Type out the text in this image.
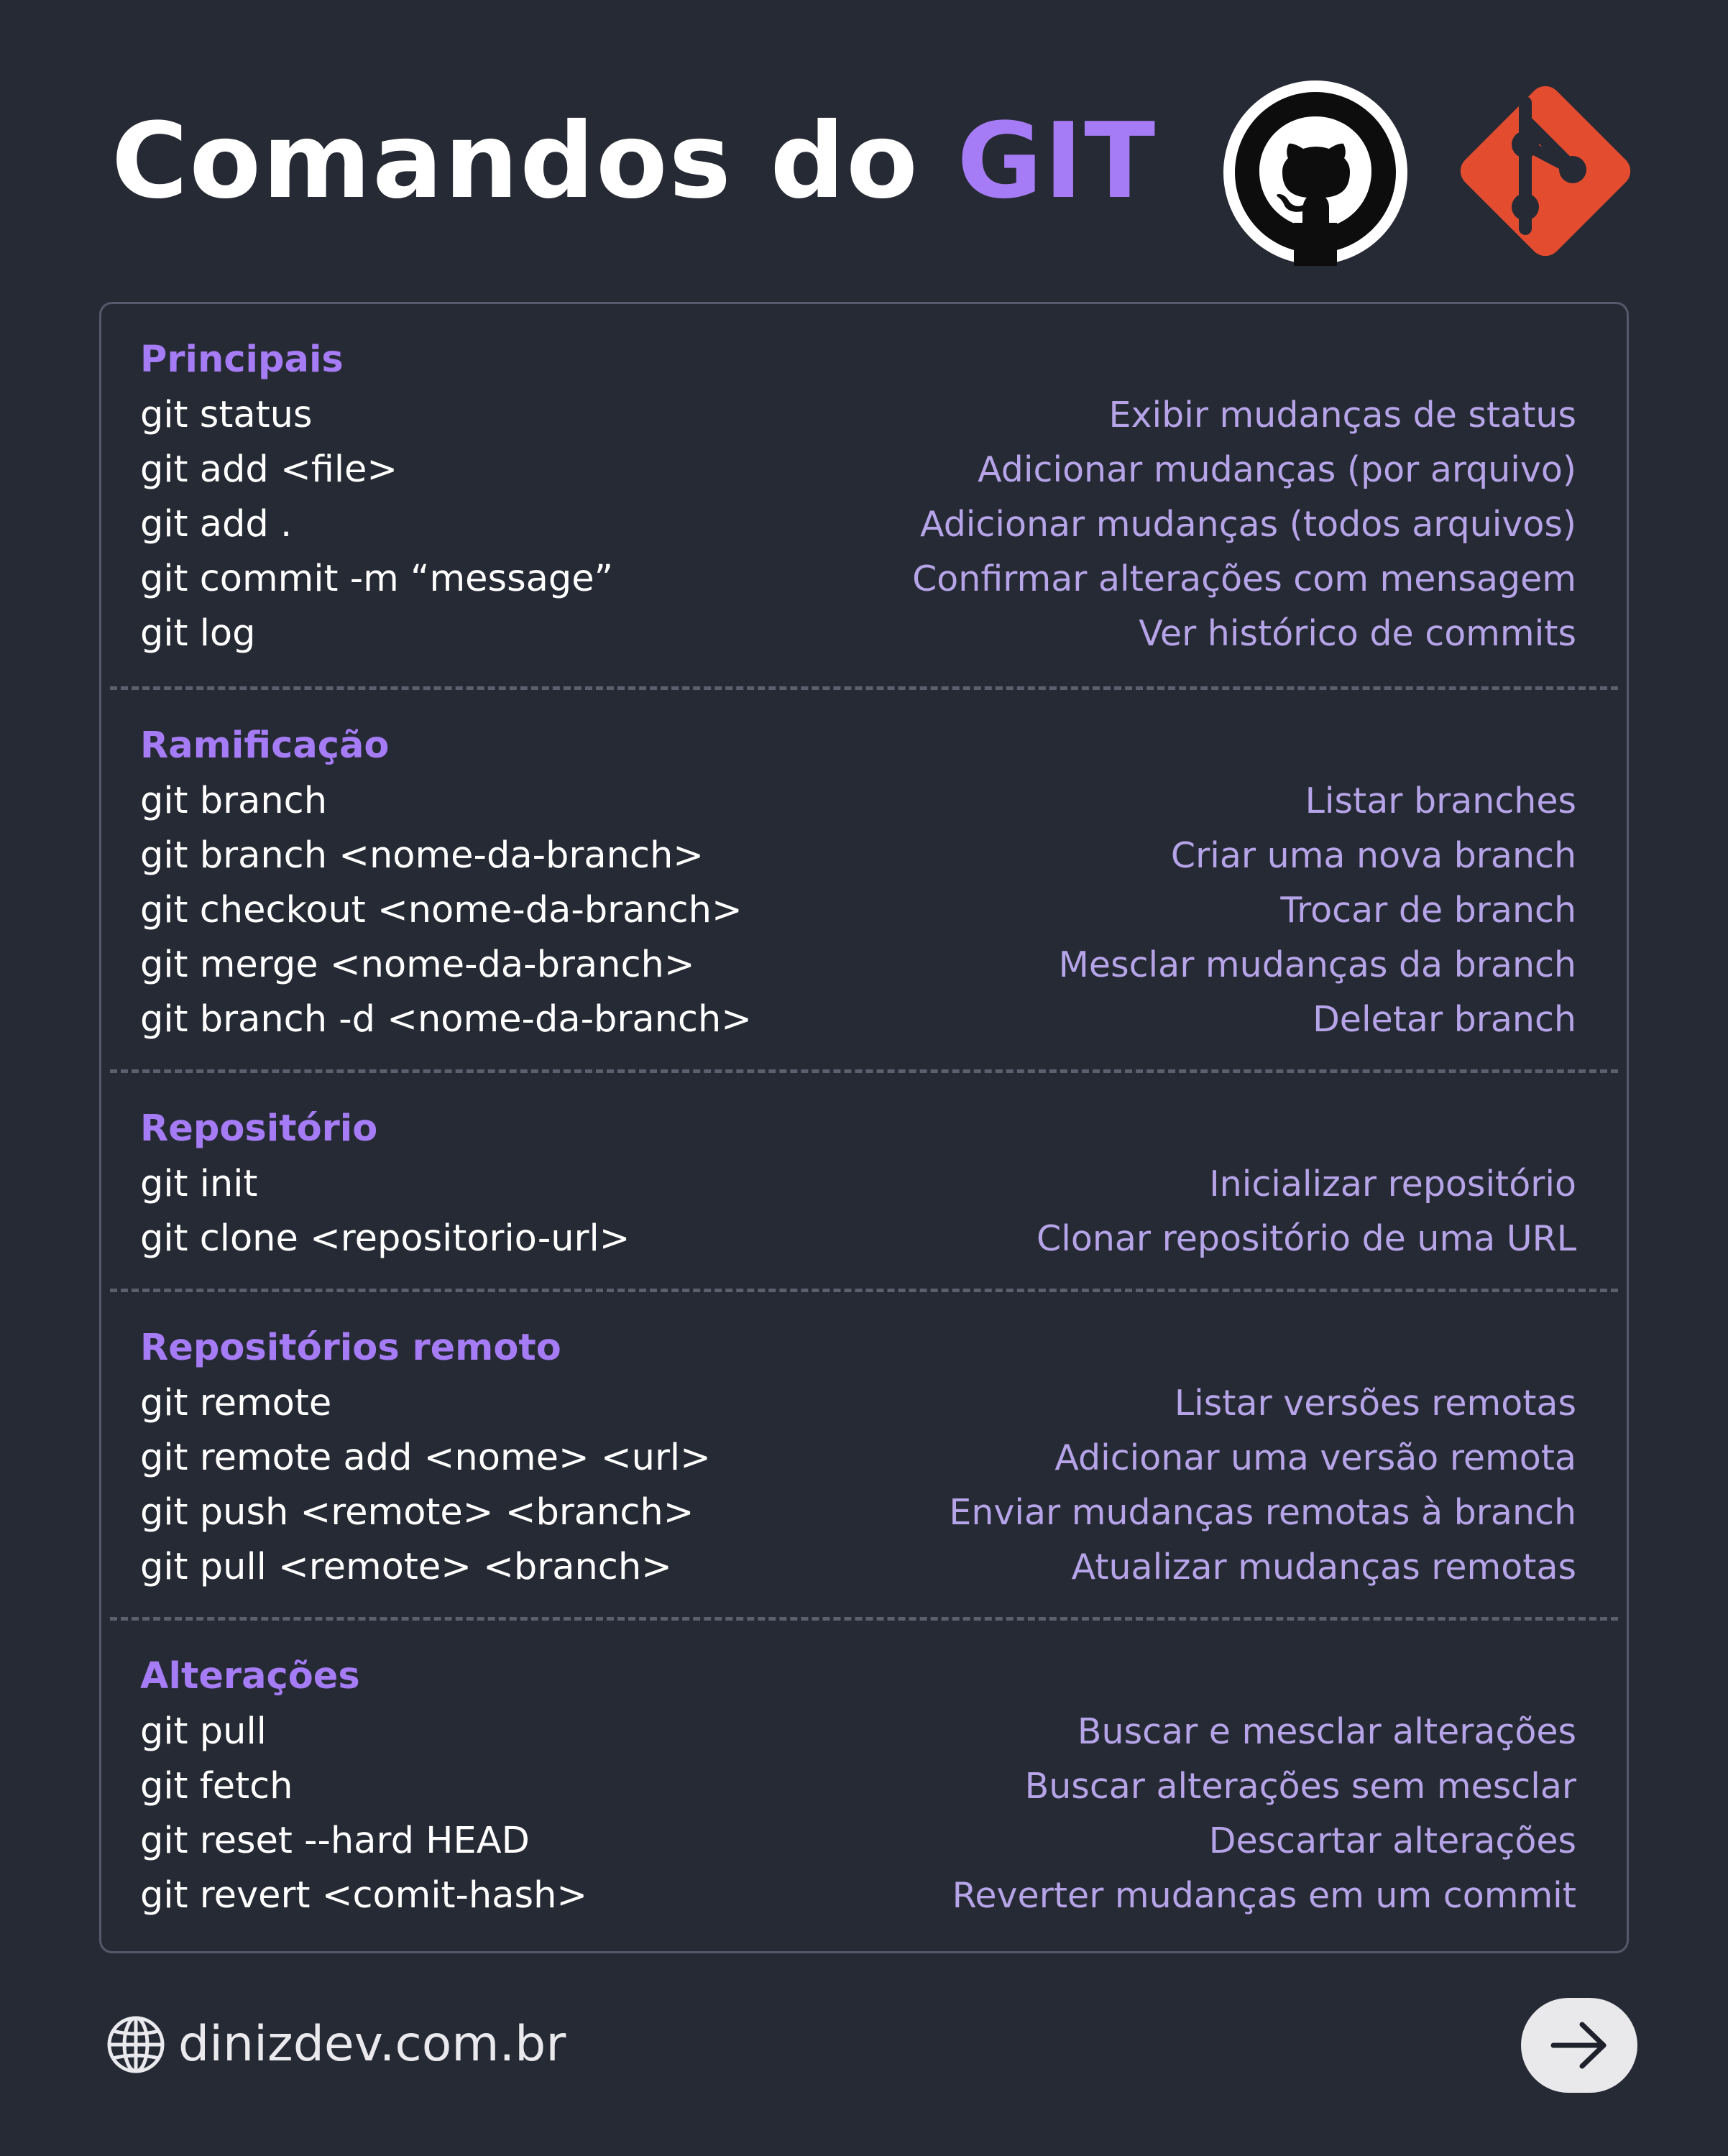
Comandos do GIT
Principais
git status	Exibir mudanças de status
git add <file>	Adicionar mudanças (por arquivo)
git add .	Adicionar mudanças (todos arquivos)
git commit -m “message”	Confirmar alterações com mensagem
git log	Ver histórico de commits
Ramificação
git branch	Listar branches
git branch <nome-da-branch>	Criar uma nova branch
git checkout <nome-da-branch>	Trocar de branch
git merge <nome-da-branch>	Mesclar mudanças da branch
git branch -d <nome-da-branch>	Deletar branch
Repositório
git init	Inicializar repositório
git clone <repositorio-url>	Clonar repositório de uma URL
Repositórios remoto
git remote	Listar versões remotas
git remote add <nome> <url>	Adicionar uma versão remota
git push <remote> <branch>	Enviar mudanças remotas à branch
git pull <remote> <branch>	Atualizar mudanças remotas
Alterações
git pull	Buscar e mesclar alterações
git fetch	Buscar alterações sem mesclar
git reset --hard HEAD	Descartar alterações
git revert <comit-hash>	Reverter mudanças em um commit
dinizdev.com.br
